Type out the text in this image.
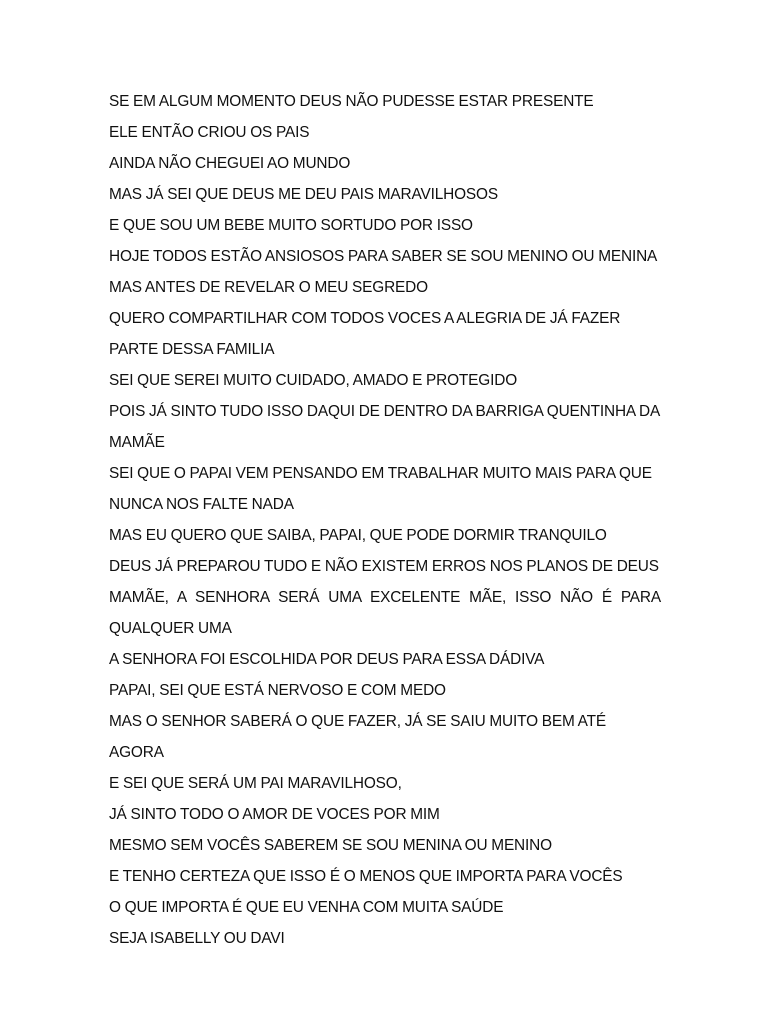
SE EM ALGUM MOMENTO DEUS NÃO PUDESSE ESTAR PRESENTE

ELE ENTÃO CRIOU OS PAIS

AINDA NÃO CHEGUEI AO MUNDO

MAS JÁ SEI QUE DEUS ME DEU PAIS MARAVILHOSOS

E QUE SOU UM BEBE MUITO SORTUDO POR ISSO

HOJE TODOS ESTÃO ANSIOSOS PARA SABER SE SOU MENINO OU MENINA

MAS ANTES DE REVELAR O MEU SEGREDO

QUERO COMPARTILHAR COM TODOS VOCES A ALEGRIA DE JÁ FAZER PARTE DESSA FAMILIA

SEI QUE SEREI MUITO CUIDADO, AMADO E PROTEGIDO

POIS JÁ SINTO TUDO ISSO DAQUI DE DENTRO DA BARRIGA QUENTINHA DA MAMÃE

SEI QUE O PAPAI VEM PENSANDO EM TRABALHAR MUITO MAIS PARA QUE NUNCA NOS FALTE NADA

MAS EU QUERO QUE SAIBA, PAPAI, QUE PODE DORMIR TRANQUILO

DEUS JÁ PREPAROU TUDO E NÃO EXISTEM ERROS NOS PLANOS DE DEUS

MAMÃE, A SENHORA SERÁ UMA EXCELENTE MÃE, ISSO NÃO É PARA QUALQUER UMA

A SENHORA FOI ESCOLHIDA POR DEUS PARA ESSA DÁDIVA

PAPAI, SEI QUE ESTÁ NERVOSO E COM MEDO

MAS O SENHOR SABERÁ O QUE FAZER, JÁ SE SAIU MUITO BEM ATÉ AGORA

E SEI QUE SERÁ UM PAI MARAVILHOSO,

JÁ SINTO TODO O AMOR DE VOCES POR MIM

MESMO SEM VOCÊS SABEREM SE SOU MENINA OU MENINO

E TENHO CERTEZA QUE ISSO É O MENOS QUE IMPORTA PARA VOCÊS

O QUE IMPORTA É QUE EU VENHA COM MUITA SAÚDE

SEJA ISABELLY OU DAVI
